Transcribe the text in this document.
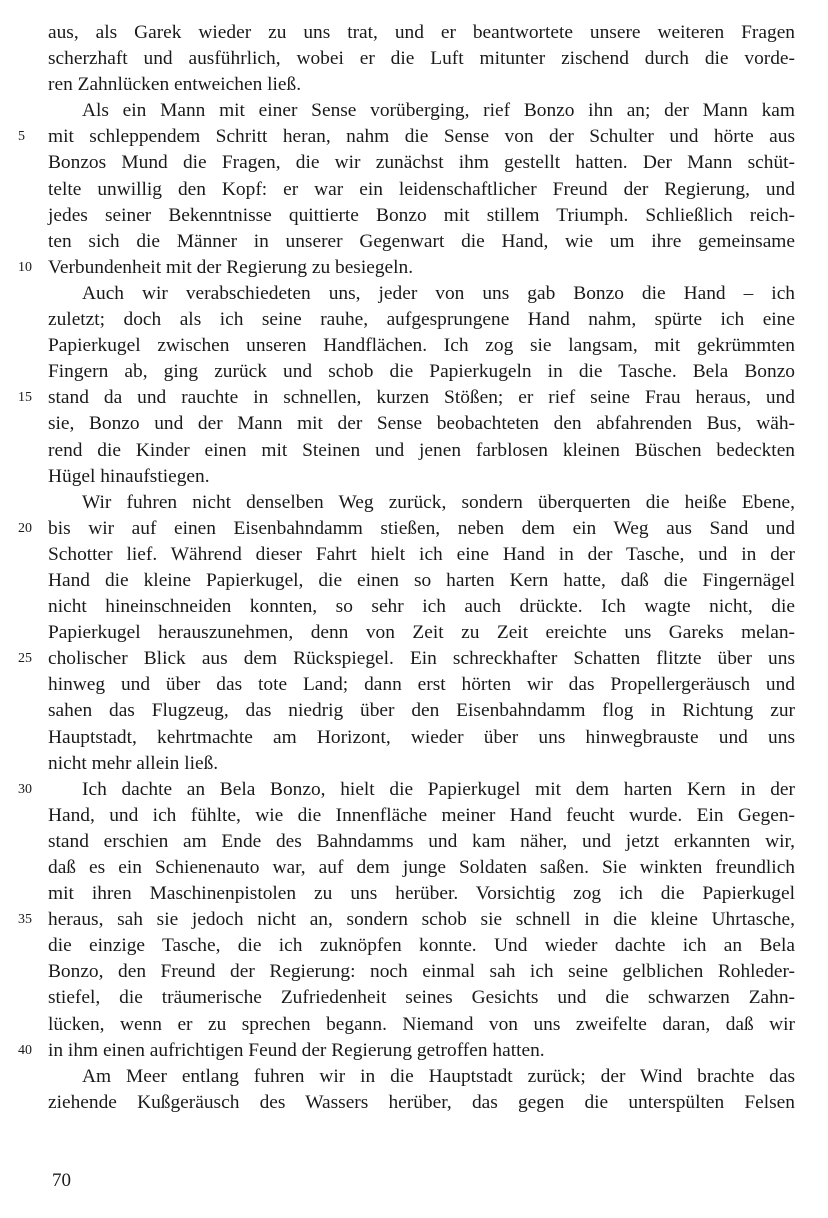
aus, als Garek wieder zu uns trat, und er beantwortete unsere weiteren Fragen
scherzhaft und ausführlich, wobei er die Luft mitunter zischend durch die vorde-
ren Zahnlücken entweichen ließ.
Als ein Mann mit einer Sense vorüberging, rief Bonzo ihn an; der Mann kam
5	mit schleppendem Schritt heran, nahm die Sense von der Schulter und hörte aus
Bonzos Mund die Fragen, die wir zunächst ihm gestellt hatten. Der Mann schüt-
telte unwillig den Kopf: er war ein leidenschaftlicher Freund der Regierung, und
jedes seiner Bekenntnisse quittierte Bonzo mit stillem Triumph. Schließlich reich-
ten sich die Männer in unserer Gegenwart die Hand, wie um ihre gemeinsame
10 Verbundenheit mit der Regierung zu besiegeln.
Auch wir verabschiedeten uns, jeder von uns gab Bonzo die Hand – ich
zuletzt; doch als ich seine rauhe, aufgesprungene Hand nahm, spürte ich eine
Papierkugel zwischen unseren Handflächen. Ich zog sie langsam, mit gekrümmten
Fingern ab, ging zurück und schob die Papierkugeln in die Tasche. Bela Bonzo
15 stand da und rauchte in schnellen, kurzen Stößen; er rief seine Frau heraus, und
sie, Bonzo und der Mann mit der Sense beobachteten den abfahrenden Bus, wäh-
rend die Kinder einen mit Steinen und jenen farblosen kleinen Büschen bedeckten
Hügel hinaufstiegen.
Wir fuhren nicht denselben Weg zurück, sondern überquerten die heiße Ebene,
20 bis wir auf einen Eisenbahndamm stießen, neben dem ein Weg aus Sand und
Schotter lief. Während dieser Fahrt hielt ich eine Hand in der Tasche, und in der
Hand die kleine Papierkugel, die einen so harten Kern hatte, daß die Fingernägel
nicht hineinschneiden konnten, so sehr ich auch drückte. Ich wagte nicht, die
Papierkugel herauszunehmen, denn von Zeit zu Zeit ereichte uns Gareks melan-
25 cholischer Blick aus dem Rückspiegel. Ein schreckhafter Schatten flitzte über uns
hinweg und über das tote Land; dann erst hörten wir das Propellergeräusch und
sahen das Flugzeug, das niedrig über den Eisenbahndamm flog in Richtung zur
Hauptstadt, kehrtmachte am Horizont, wieder über uns hinwegbrauste und uns
nicht mehr allein ließ.
30	Ich dachte an Bela Bonzo, hielt die Papierkugel mit dem harten Kern in der
Hand, und ich fühlte, wie die Innenfläche meiner Hand feucht wurde. Ein Gegen-
stand erschien am Ende des Bahndamms und kam näher, und jetzt erkannten wir,
daß es ein Schienenauto war, auf dem junge Soldaten saßen. Sie winkten freundlich
mit ihren Maschinenpistolen zu uns herüber. Vorsichtig zog ich die Papierkugel
35 heraus, sah sie jedoch nicht an, sondern schob sie schnell in die kleine Uhrtasche,
die einzige Tasche, die ich zuknöpfen konnte. Und wieder dachte ich an Bela
Bonzo, den Freund der Regierung: noch einmal sah ich seine gelblichen Rohleder-
stiefel, die träumerische Zufriedenheit seines Gesichts und die schwarzen Zahn-
lücken, wenn er zu sprechen begann. Niemand von uns zweifelte daran, daß wir
40 in ihm einen aufrichtigen Feund der Regierung getroffen hatten.
Am Meer entlang fuhren wir in die Hauptstadt zurück; der Wind brachte das
ziehende Kußgeräusch des Wassers herüber, das gegen die unterspülten Felsen
70
